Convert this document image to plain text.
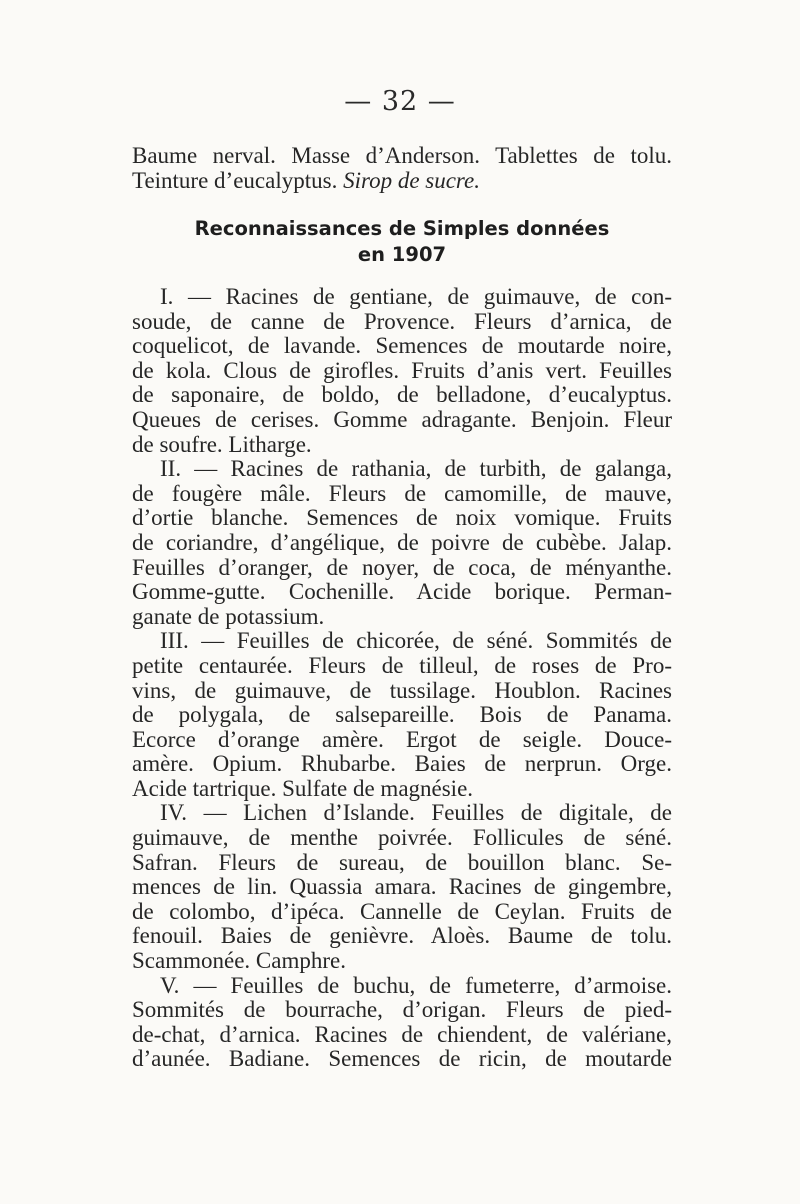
— 32 —
Baume nerval. Masse d’Anderson. Tablettes de tolu.
Teinture d’eucalyptus. Sirop de sucre.
Reconnaissances de Simples données
en 1907
I. — Racines de gentiane, de guimauve, de con-
soude, de canne de Provence. Fleurs d’arnica, de
coquelicot, de lavande. Semences de moutarde noire,
de kola. Clous de girofles. Fruits d’anis vert. Feuilles
de saponaire, de boldo, de belladone, d’eucalyptus.
Queues de cerises. Gomme adragante. Benjoin. Fleur
de soufre. Litharge.
II. — Racines de rathania, de turbith, de galanga,
de fougère mâle. Fleurs de camomille, de mauve,
d’ortie blanche. Semences de noix vomique. Fruits
de coriandre, d’angélique, de poivre de cubèbe. Jalap.
Feuilles d’oranger, de noyer, de coca, de ményanthe.
Gomme-gutte. Cochenille. Acide borique. Perman-
ganate de potassium.
III. — Feuilles de chicorée, de séné. Sommités de
petite centaurée. Fleurs de tilleul, de roses de Pro-
vins, de guimauve, de tussilage. Houblon. Racines
de polygala, de salsepareille. Bois de Panama.
Ecorce d’orange amère. Ergot de seigle. Douce-
amère. Opium. Rhubarbe. Baies de nerprun. Orge.
Acide tartrique. Sulfate de magnésie.
IV. — Lichen d’Islande. Feuilles de digitale, de
guimauve, de menthe poivrée. Follicules de séné.
Safran. Fleurs de sureau, de bouillon blanc. Se-
mences de lin. Quassia amara. Racines de gingembre,
de colombo, d’ipéca. Cannelle de Ceylan. Fruits de
fenouil. Baies de genièvre. Aloès. Baume de tolu.
Scammonée. Camphre.
V. — Feuilles de buchu, de fumeterre, d’armoise.
Sommités de bourrache, d’origan. Fleurs de pied-
de-chat, d’arnica. Racines de chiendent, de valériane,
d’aunée. Badiane. Semences de ricin, de moutarde
